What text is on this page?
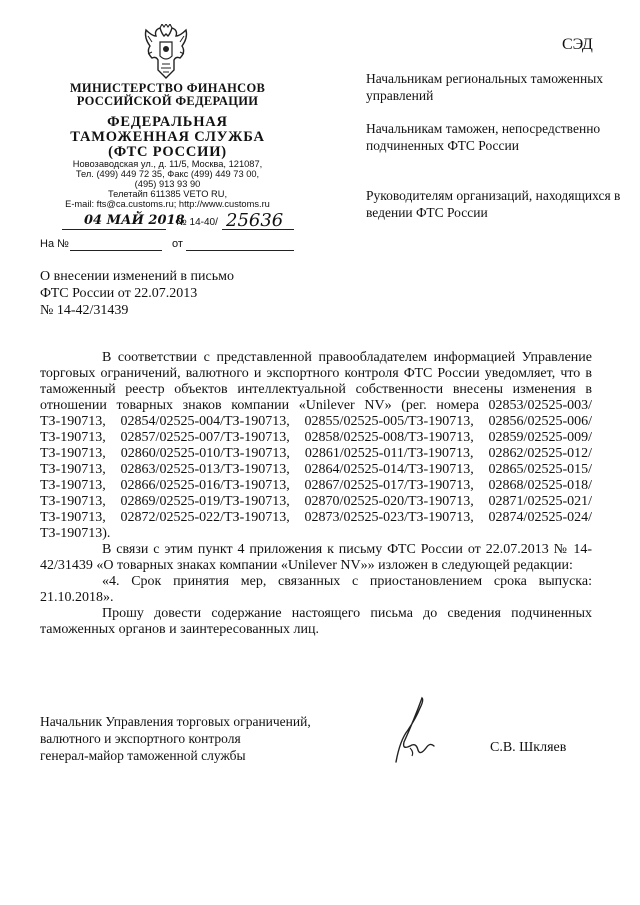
СЭД
МИНИСТЕРСТВО ФИНАНСОВ
РОССИЙСКОЙ ФЕДЕРАЦИИ
ФЕДЕРАЛЬНАЯ
ТАМОЖЕННАЯ СЛУЖБА
(ФТС РОССИИ)
Новозаводская ул., д. 11/5, Москва, 121087,
Тел. (499) 449 72 35, Факс (499) 449 73 00,
(495) 913 93 90
Телетайп 611385 VETO RU,
E-mail: fts@ca.customs.ru; http://www.customs.ru
04 МАЙ 2018
№ 14-40/ 25636
На №	от
Начальникам региональных таможенных управлений
Начальникам таможен, непосредственно подчиненных ФТС России
Руководителям организаций, находящихся в ведении ФТС России
О внесении изменений в письмо
ФТС России от 22.07.2013
№ 14-42/31439

В соответствии с представленной правообладателем информацией Управление торговых ограничений, валютного и экспортного контроля ФТС России уведомляет, что в таможенный реестр объектов интеллектуальной собственности внесены изменения в отношении товарных знаков компании «Unilever NV» (рег. номера 02853/02525-003/ТЗ-190713, 02854/02525-004/ТЗ-190713, 02855/02525-005/ТЗ-190713, 02856/02525-006/ТЗ-190713, 02857/02525-007/ТЗ-190713, 02858/02525-008/ТЗ-190713, 02859/02525-009/ТЗ-190713, 02860/02525-010/ТЗ-190713, 02861/02525-011/ТЗ-190713, 02862/02525-012/ТЗ-190713, 02863/02525-013/ТЗ-190713, 02864/02525-014/ТЗ-190713, 02865/02525-015/ТЗ-190713, 02866/02525-016/ТЗ-190713, 02867/02525-017/ТЗ-190713, 02868/02525-018/ТЗ-190713, 02869/02525-019/ТЗ-190713, 02870/02525-020/ТЗ-190713, 02871/02525-021/ТЗ-190713, 02872/02525-022/ТЗ-190713, 02873/02525-023/ТЗ-190713, 02874/02525-024/ТЗ-190713).

В связи с этим пункт 4 приложения к письму ФТС России от 22.07.2013 № 14-42/31439 «О товарных знаках компании «Unilever NV»» изложен в следующей редакции:

«4. Срок принятия мер, связанных с приостановлением срока выпуска: 21.10.2018».

Прошу довести содержание настоящего письма до сведения подчиненных таможенных органов и заинтересованных лиц.

Начальник Управления торговых ограничений,
валютного и экспортного контроля
генерал-майор таможенной службы
С.В. Шкляев
